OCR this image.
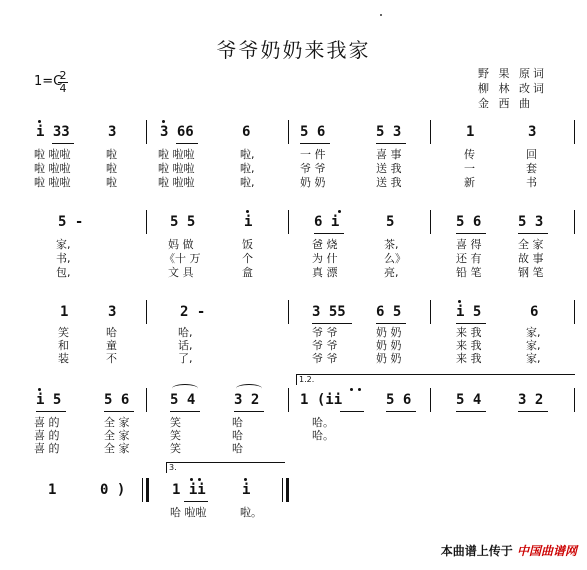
爷爷奶奶来我家
1=C
2
4
野 果 原词
柳 林 改词
金 西 曲
i 33	3	3 66	6	5 6	5 3	1	3
啦 啦啦	啦	啦 啦啦	啦,	一 件	喜 事	传	回
啦 啦啦	啦	啦 啦啦	啦,	爷 爷	送 我	一	套
啦 啦啦	啦	啦 啦啦	啦,	奶 奶	送 我	新	书
5 -	5 5	i	6 i	5	5 6	5 3
家,	妈 做	饭	爸 烧	茶,	喜 得	全 家
书,	《十 万	个	为 什	么》	还 有	故 事
包,	文 具	盒	真 漂	亮,	铅 笔	钢 笔
1	3	2 -	3 55 6 5	i 5	6
笑	哈	哈,	爷 爷	奶 奶	来 我	家,
和	童	话,	爷 爷	奶 奶	来 我	家,
装	不	了,	爷 爷	奶 奶	来 我	家,
1.2.
i 5	5 6	5 4	3 2	1 (ii	5 6	5 4	3 2
喜 的	全 家	笑	哈	哈。
喜 的	全 家	笑	哈	哈。
喜 的	全 家	笑	哈
3.
1	0 )	1 ii	i
哈 啦啦	啦。
本曲谱上传于 中国曲谱网
